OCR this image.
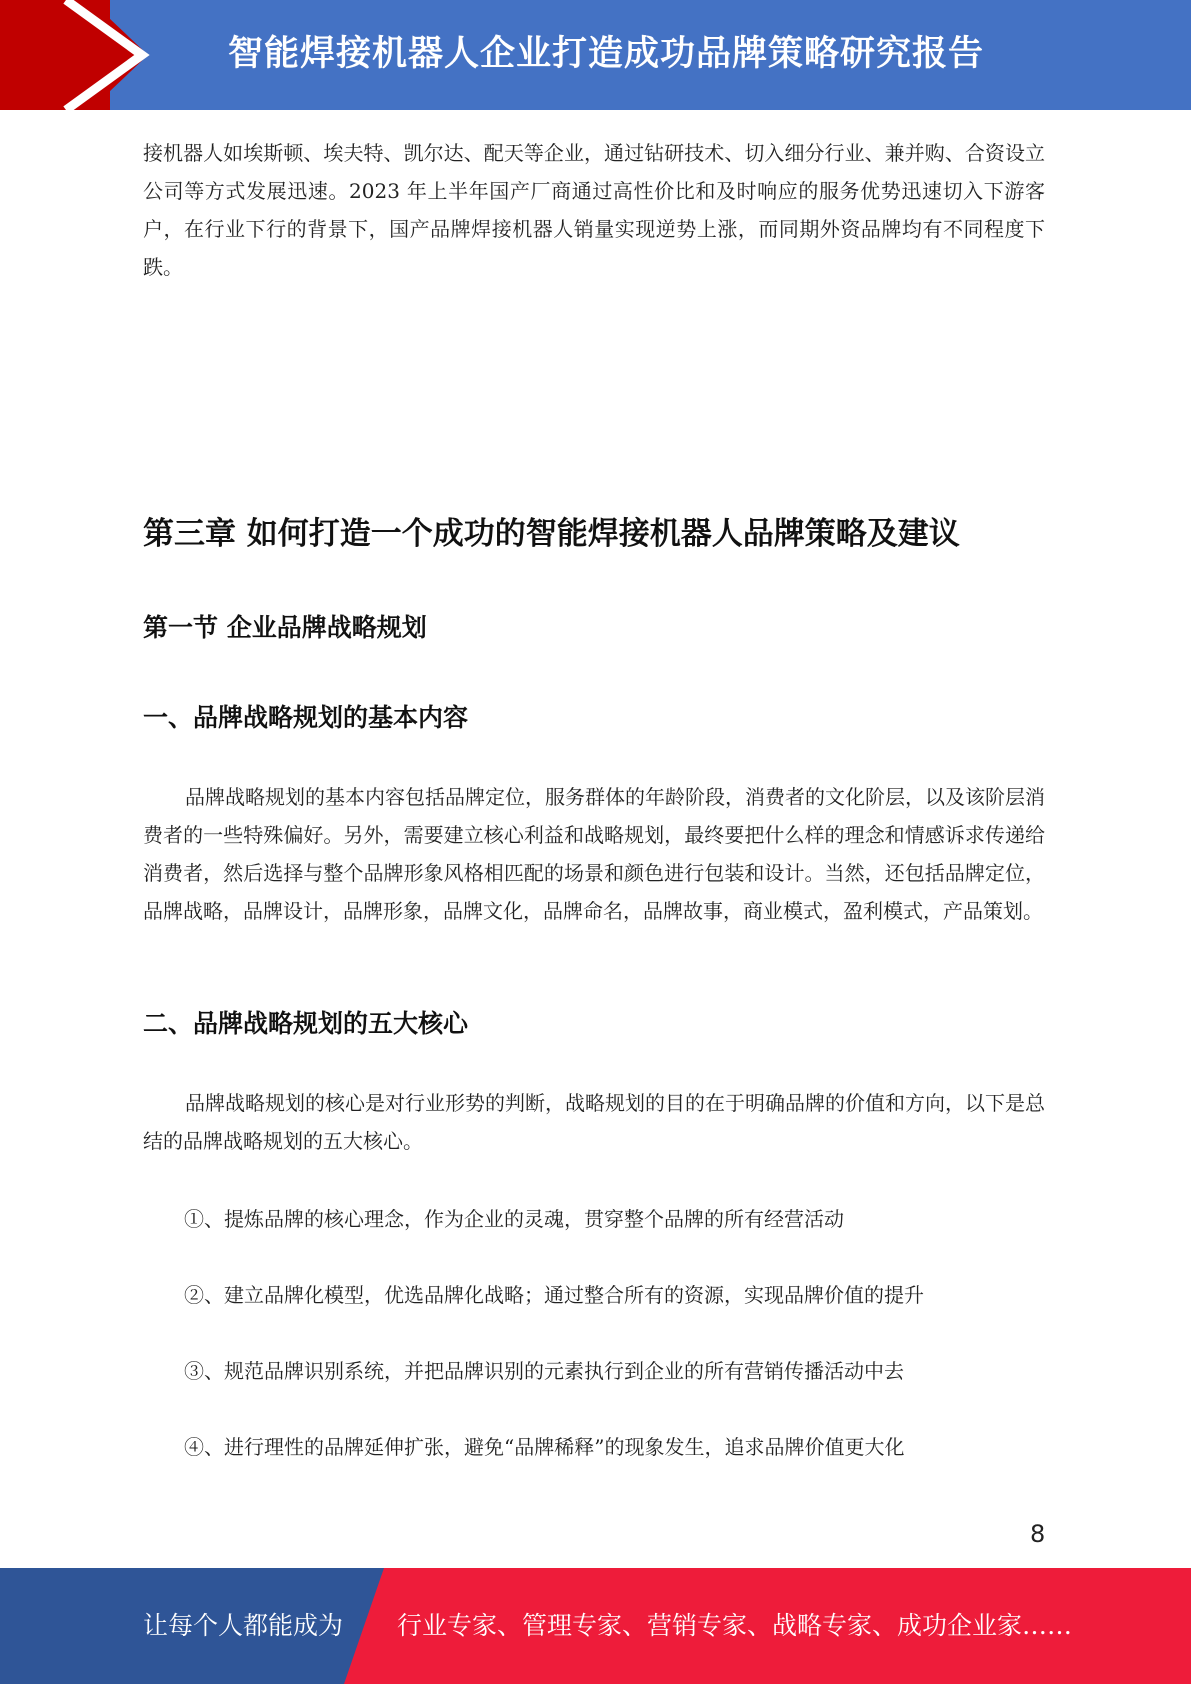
智能焊接机器人企业打造成功品牌策略研究报告
接机器人如埃斯顿、埃夫特、凯尔达、配天等企业，通过钻研技术、切入细分行业、兼并购、合资设立公司等方式发展迅速。2023 年上半年国产厂商通过高性价比和及时响应的服务优势迅速切入下游客户，在行业下行的背景下，国产品牌焊接机器人销量实现逆势上涨，而同期外资品牌均有不同程度下跌。
第三章 如何打造一个成功的智能焊接机器人品牌策略及建议
第一节 企业品牌战略规划
一、品牌战略规划的基本内容
品牌战略规划的基本内容包括品牌定位，服务群体的年龄阶段，消费者的文化阶层，以及该阶层消费者的一些特殊偏好。另外，需要建立核心利益和战略规划，最终要把什么样的理念和情感诉求传递给消费者，然后选择与整个品牌形象风格相匹配的场景和颜色进行包装和设计。当然，还包括品牌定位，品牌战略，品牌设计，品牌形象，品牌文化，品牌命名，品牌故事，商业模式，盈利模式，产品策划。
二、品牌战略规划的五大核心
品牌战略规划的核心是对行业形势的判断，战略规划的目的在于明确品牌的价值和方向，以下是总结的品牌战略规划的五大核心。
①、提炼品牌的核心理念，作为企业的灵魂，贯穿整个品牌的所有经营活动
②、建立品牌化模型，优选品牌化战略；通过整合所有的资源，实现品牌价值的提升
③、规范品牌识别系统，并把品牌识别的元素执行到企业的所有营销传播活动中去
④、进行理性的品牌延伸扩张，避免“品牌稀释”的现象发生，追求品牌价值更大化
8
让每个人都能成为 行业专家、管理专家、营销专家、战略专家、成功企业家……
